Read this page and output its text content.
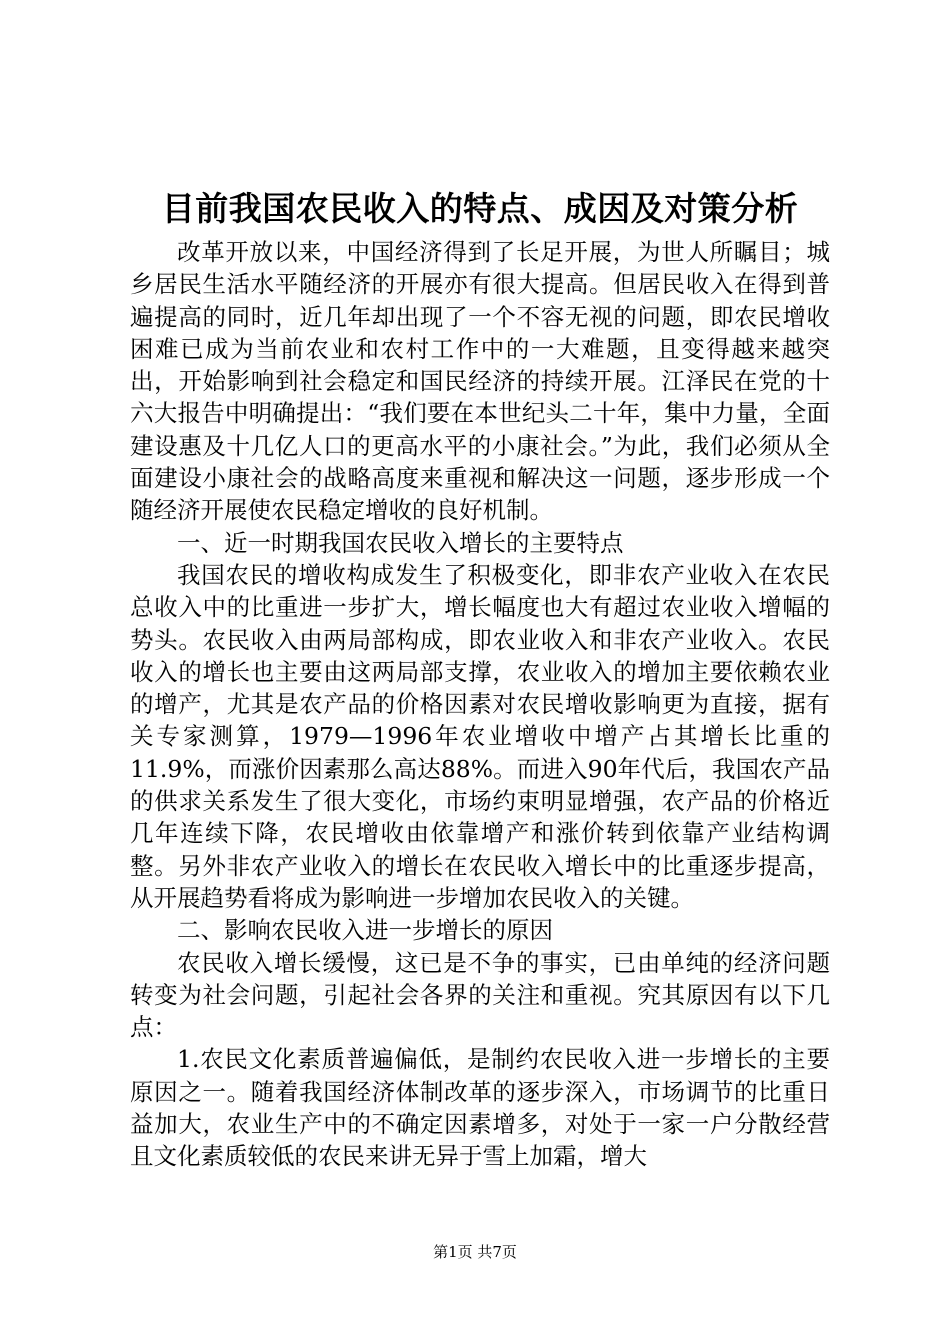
目前我国农民收入的特点、成因及对策分析

改革开放以来，中国经济得到了长足开展，为世人所瞩目；城乡居民生活水平随经济的开展亦有很大提高。但居民收入在得到普遍提高的同时，近几年却出现了一个不容无视的问题，即农民增收困难已成为当前农业和农村工作中的一大难题，且变得越来越突出，开始影响到社会稳定和国民经济的持续开展。江泽民在党的十六大报告中明确提出：“我们要在本世纪头二十年，集中力量，全面建设惠及十几亿人口的更高水平的小康社会。”为此，我们必须从全面建设小康社会的战略高度来重视和解决这一问题，逐步形成一个随经济开展使农民稳定增收的良好机制。

一、近一时期我国农民收入增长的主要特点

我国农民的增收构成发生了积极变化，即非农产业收入在农民总收入中的比重进一步扩大，增长幅度也大有超过农业收入增幅的势头。农民收入由两局部构成，即农业收入和非农产业收入。农民收入的增长也主要由这两局部支撑，农业收入的增加主要依赖农业的增产，尤其是农产品的价格因素对农民增收影响更为直接，据有关专家测算，1979—1996年农业增收中增产占其增长比重的11.9%，而涨价因素那么高达88%。而进入90年代后，我国农产品的供求关系发生了很大变化，市场约束明显增强，农产品的价格近几年连续下降，农民增收由依靠增产和涨价转到依靠产业结构调整。另外非农产业收入的增长在农民收入增长中的比重逐步提高，从开展趋势看将成为影响进一步增加农民收入的关键。

二、影响农民收入进一步增长的原因

农民收入增长缓慢，这已是不争的事实，已由单纯的经济问题转变为社会问题，引起社会各界的关注和重视。究其原因有以下几点：

1.农民文化素质普遍偏低，是制约农民收入进一步增长的主要原因之一。随着我国经济体制改革的逐步深入，市场调节的比重日益加大，农业生产中的不确定因素增多，对处于一家一户分散经营且文化素质较低的农民来讲无异于雪上加霜，增大

第1页 共7页
